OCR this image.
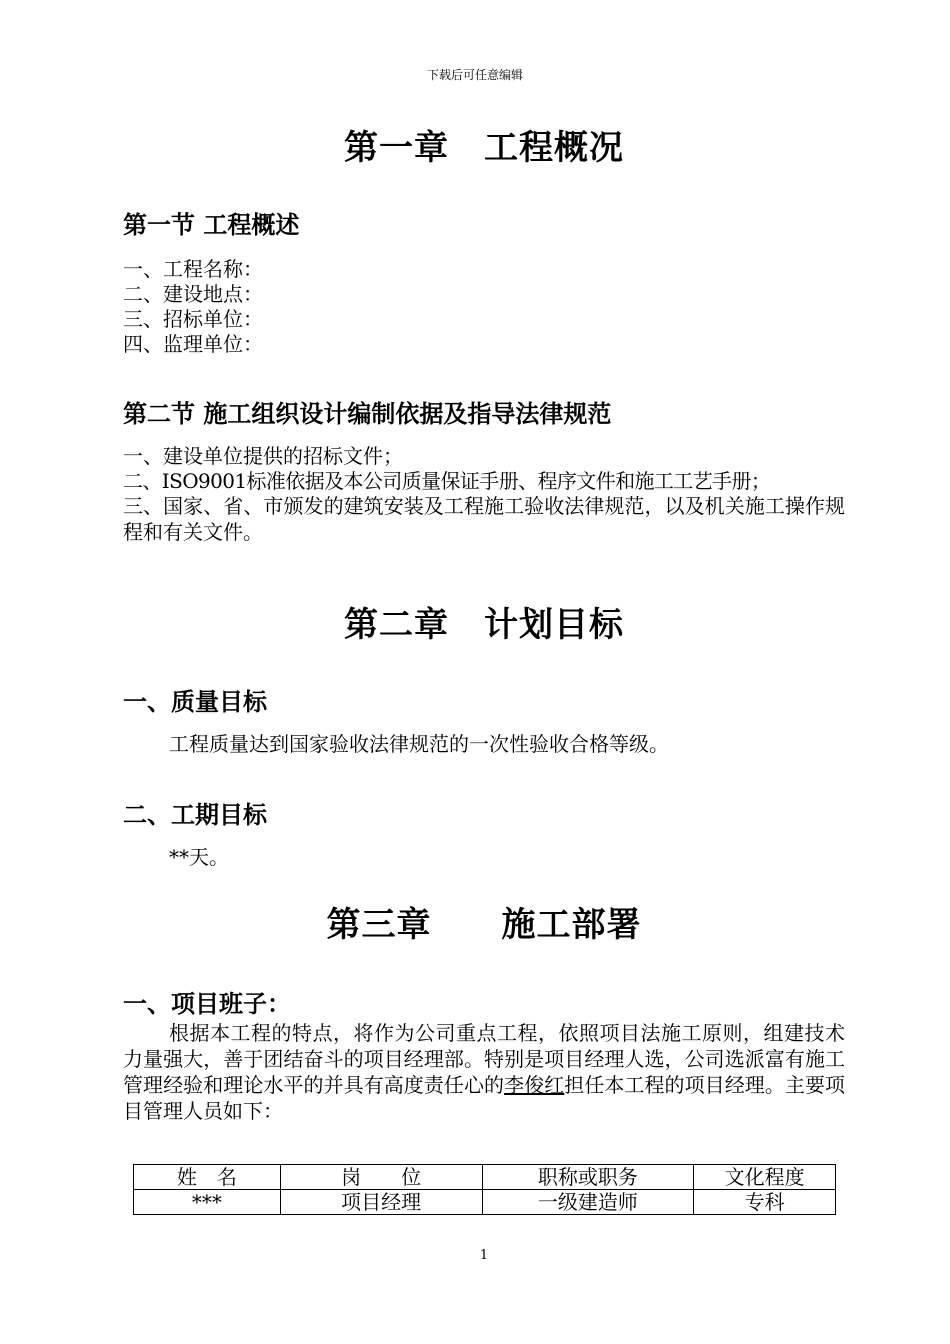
下载后可任意编辑
第一章　工程概况
第一节 工程概述
一、工程名称：
二、建设地点：
三、招标单位：
四、监理单位：
第二节 施工组织设计编制依据及指导法律规范
一、建设单位提供的招标文件；
二、ISO9001标准依据及本公司质量保证手册、程序文件和施工工艺手册；
三、国家、省、市颁发的建筑安装及工程施工验收法律规范，以及机关施工操作规程和有关文件。
第二章　计划目标
一、质量目标
工程质量达到国家验收法律规范的一次性验收合格等级。
二、工期目标
**天。
第三章　　施工部署
一、项目班子：
根据本工程的特点，将作为公司重点工程，依照项目法施工原则，组建技术力量强大，善于团结奋斗的项目经理部。特别是项目经理人选，公司选派富有施工管理经验和理论水平的并具有高度责任心的李俊红担任本工程的项目经理。主要项目管理人员如下：
姓　名	岗　　位	职称或职务	文化程度
***	项目经理	一级建造师	专科
1
